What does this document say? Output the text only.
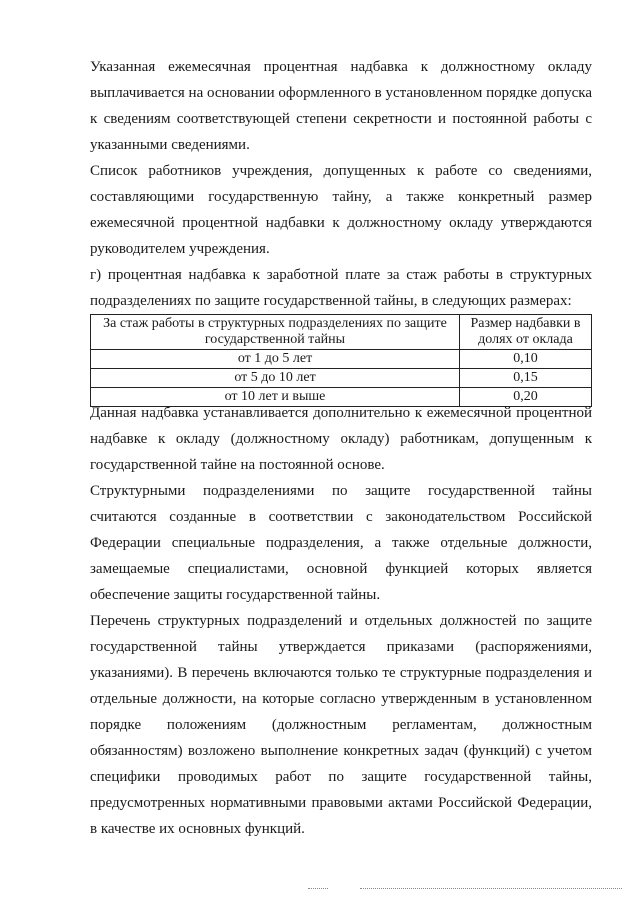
Указанная ежемесячная процентная надбавка к должностному окладу выплачивается на основании оформленного в установленном порядке допуска к сведениям соответствующей степени секретности и постоянной работы с указанными сведениями.

Список работников учреждения, допущенных к работе со сведениями, составляющими государственную тайну, а также конкретный размер ежемесячной процентной надбавки к должностному окладу утверждаются руководителем учреждения.

г) процентная надбавка к заработной плате за стаж работы в структурных подразделениях по защите государственной тайны, в следующих размерах:

За стаж работы в структурных подразделениях по защите государственной тайны	Размер надбавки в долях от оклада
от 1 до 5 лет	0,10
от 5 до 10 лет	0,15
от 10 лет и выше	0,20

Данная надбавка устанавливается дополнительно к ежемесячной процентной надбавке к окладу (должностному окладу) работникам, допущенным к государственной тайне на постоянной основе.

Структурными подразделениями по защите государственной тайны считаются созданные в соответствии с законодательством Российской Федерации специальные подразделения, а также отдельные должности, замещаемые специалистами, основной функцией которых является обеспечение защиты государственной тайны.

Перечень структурных подразделений и отдельных должностей по защите государственной тайны утверждается приказами (распоряжениями, указаниями). В перечень включаются только те структурные подразделения и отдельные должности, на которые согласно утвержденным в установленном порядке положениям (должностным регламентам, должностным обязанностям) возложено выполнение конкретных задач (функций) с учетом специфики проводимых работ по защите государственной тайны, предусмотренных нормативными правовыми актами Российской Федерации, в качестве их основных функций.
